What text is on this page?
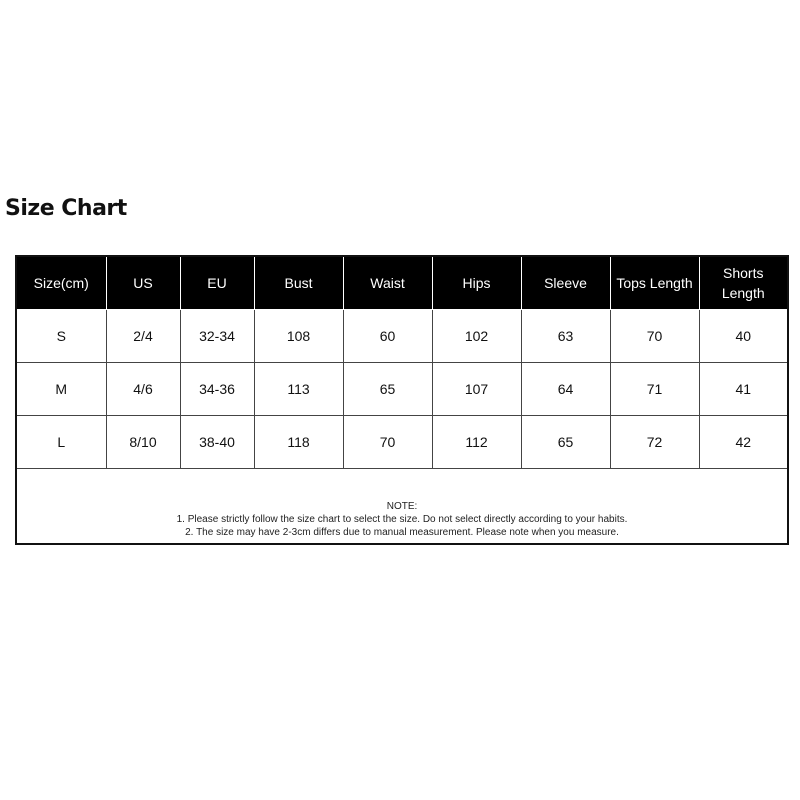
Size Chart
Size(cm)	US	EU	Bust	Waist	Hips	Sleeve	Tops Length	Shorts
Length
S	2/4	32-34	108	60	102	63	70	40
M	4/6	34-36	113	65	107	64	71	41
L	8/10	38-40	118	70	112	65	72	42

NOTE:
1. Please strictly follow the size chart to select the size. Do not select directly according to your habits.
2. The size may have 2-3cm differs due to manual measurement. Please note when you measure.								
